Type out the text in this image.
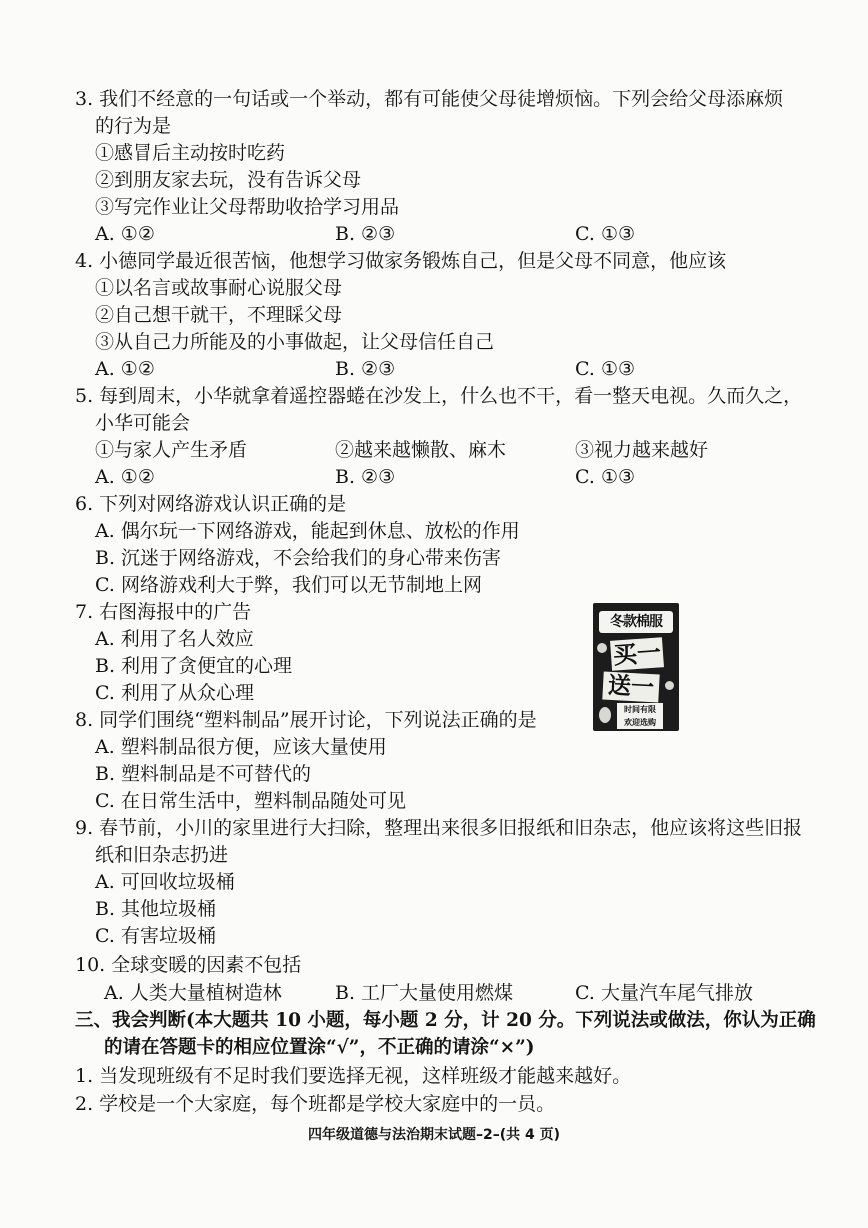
3. 我们不经意的一句话或一个举动，都有可能使父母徒增烦恼。下列会给父母添麻烦
的行为是
①感冒后主动按时吃药
②到朋友家去玩，没有告诉父母
③写完作业让父母帮助收拾学习用品
A. ①②	B. ②③	C. ①③
4. 小德同学最近很苦恼，他想学习做家务锻炼自己，但是父母不同意，他应该
①以名言或故事耐心说服父母
②自己想干就干，不理睬父母
③从自己力所能及的小事做起，让父母信任自己
A. ①②	B. ②③	C. ①③
5. 每到周末，小华就拿着遥控器蜷在沙发上，什么也不干，看一整天电视。久而久之，
小华可能会
①与家人产生矛盾	②越来越懒散、麻木	③视力越来越好
A. ①②	B. ②③	C. ①③
6. 下列对网络游戏认识正确的是
A. 偶尔玩一下网络游戏，能起到休息、放松的作用
B. 沉迷于网络游戏，不会给我们的身心带来伤害
C. 网络游戏利大于弊，我们可以无节制地上网
7. 右图海报中的广告
A. 利用了名人效应
B. 利用了贪便宜的心理
C. 利用了从众心理
冬款棉服
买一
送一
时间有限
欢迎选购
8. 同学们围绕“塑料制品”展开讨论，下列说法正确的是
A. 塑料制品很方便，应该大量使用
B. 塑料制品是不可替代的
C. 在日常生活中，塑料制品随处可见
9. 春节前，小川的家里进行大扫除，整理出来很多旧报纸和旧杂志，他应该将这些旧报
纸和旧杂志扔进
A. 可回收垃圾桶
B. 其他垃圾桶
C. 有害垃圾桶
10. 全球变暖的因素不包括
A. 人类大量植树造林	B. 工厂大量使用燃煤	C. 大量汽车尾气排放
三、我会判断(本大题共 10 小题，每小题 2 分，计 20 分。下列说法或做法，你认为正确
的请在答题卡的相应位置涂“√”，不正确的请涂“×”)
1. 当发现班级有不足时我们要选择无视，这样班级才能越来越好。
2. 学校是一个大家庭，每个班都是学校大家庭中的一员。
四年级道德与法治期末试题–2–(共 4 页)
